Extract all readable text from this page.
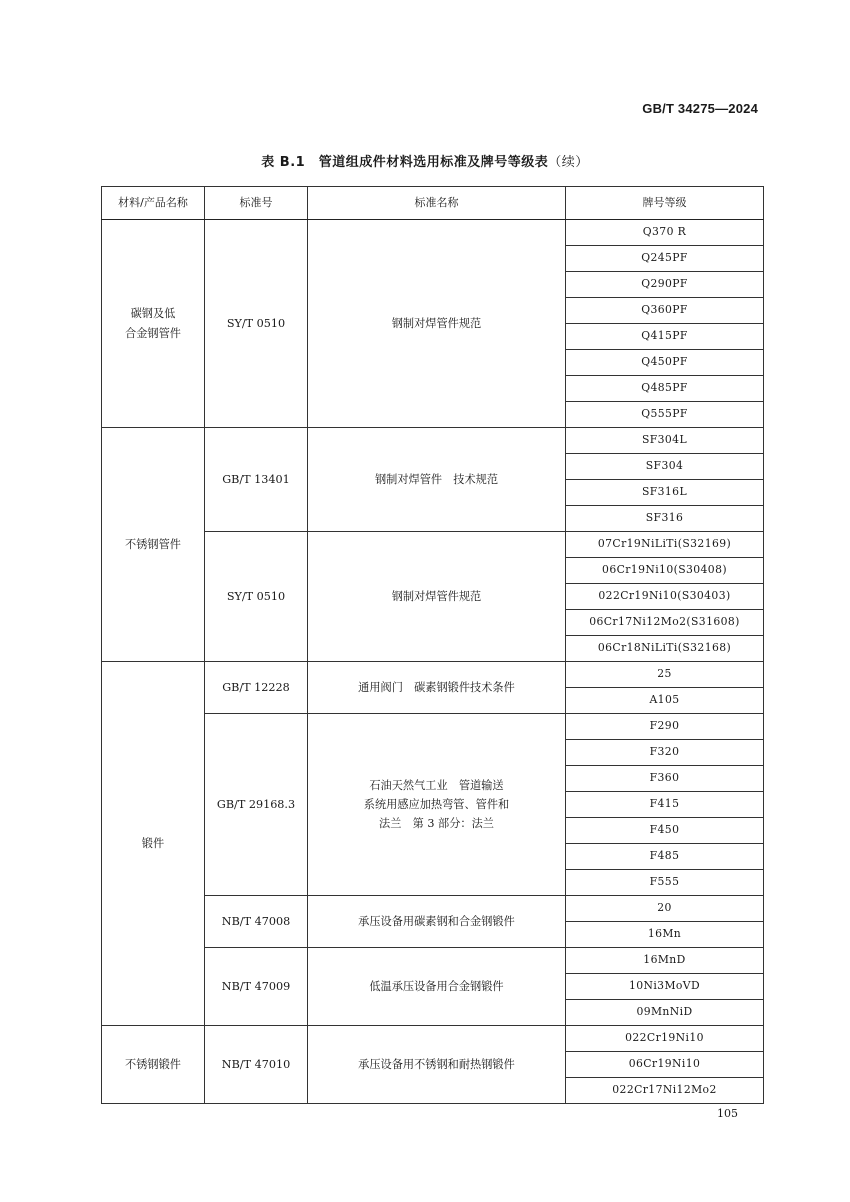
GB/T 34275—2024
表 B.1　管道组成件材料选用标准及牌号等级表（续）
材料/产品名称	标准号	标准名称	牌号等级

碳钢及低
合金钢管件	SY/T 0510	钢制对焊管件规范	Q370 R
			Q245PF
			Q290PF
			Q360PF
			Q415PF
			Q450PF
			Q485PF
			Q555PF

不锈钢管件	GB/T 13401	钢制对焊管件　技术规范	SF304L
			SF304
			SF316L
			SF316
	SY/T 0510	钢制对焊管件规范	07Cr19NiLiTi(S32169)
			06Cr19Ni10(S30408)
			022Cr19Ni10(S30403)
			06Cr17Ni12Mo2(S31608)
			06Cr18NiLiTi(S32168)

锻件	GB/T 12228	通用阀门　碳素钢锻件技术条件	25
			A105
	GB/T 29168.3	石油天然气工业　管道输送
系统用感应加热弯管、管件和
法兰　第 3 部分：法兰	F290
			F320
			F360
			F415
			F450
			F485
			F555
	NB/T 47008	承压设备用碳素钢和合金钢锻件	20
			16Mn
	NB/T 47009	低温承压设备用合金钢锻件	16MnD
			10Ni3MoVD
			09MnNiD

不锈钢锻件	NB/T 47010	承压设备用不锈钢和耐热钢锻件	022Cr19Ni10
			06Cr19Ni10
			022Cr17Ni12Mo2
105
